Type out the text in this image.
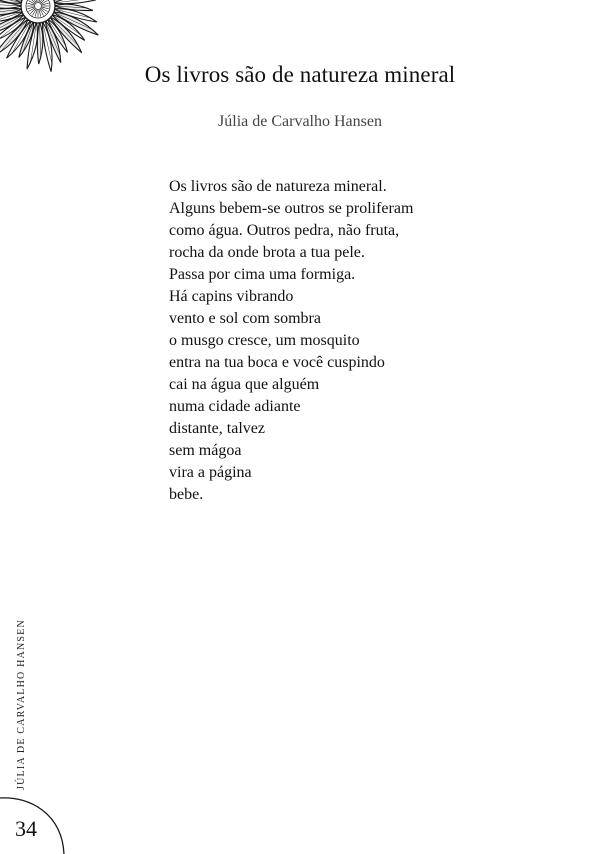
Os livros são de natureza mineral
Júlia de Carvalho Hansen
Os livros são de natureza mineral.
Alguns bebem-se outros se proliferam
como água. Outros pedra, não fruta,
rocha da onde brota a tua pele.
Passa por cima uma formiga.
Há capins vibrando
vento e sol com sombra
o musgo cresce, um mosquito
entra na tua boca e você cuspindo
cai na água que alguém
numa cidade adiante
distante, talvez
sem mágoa
vira a página
bebe.
JÚLIA DE CARVALHO HANSEN
34
